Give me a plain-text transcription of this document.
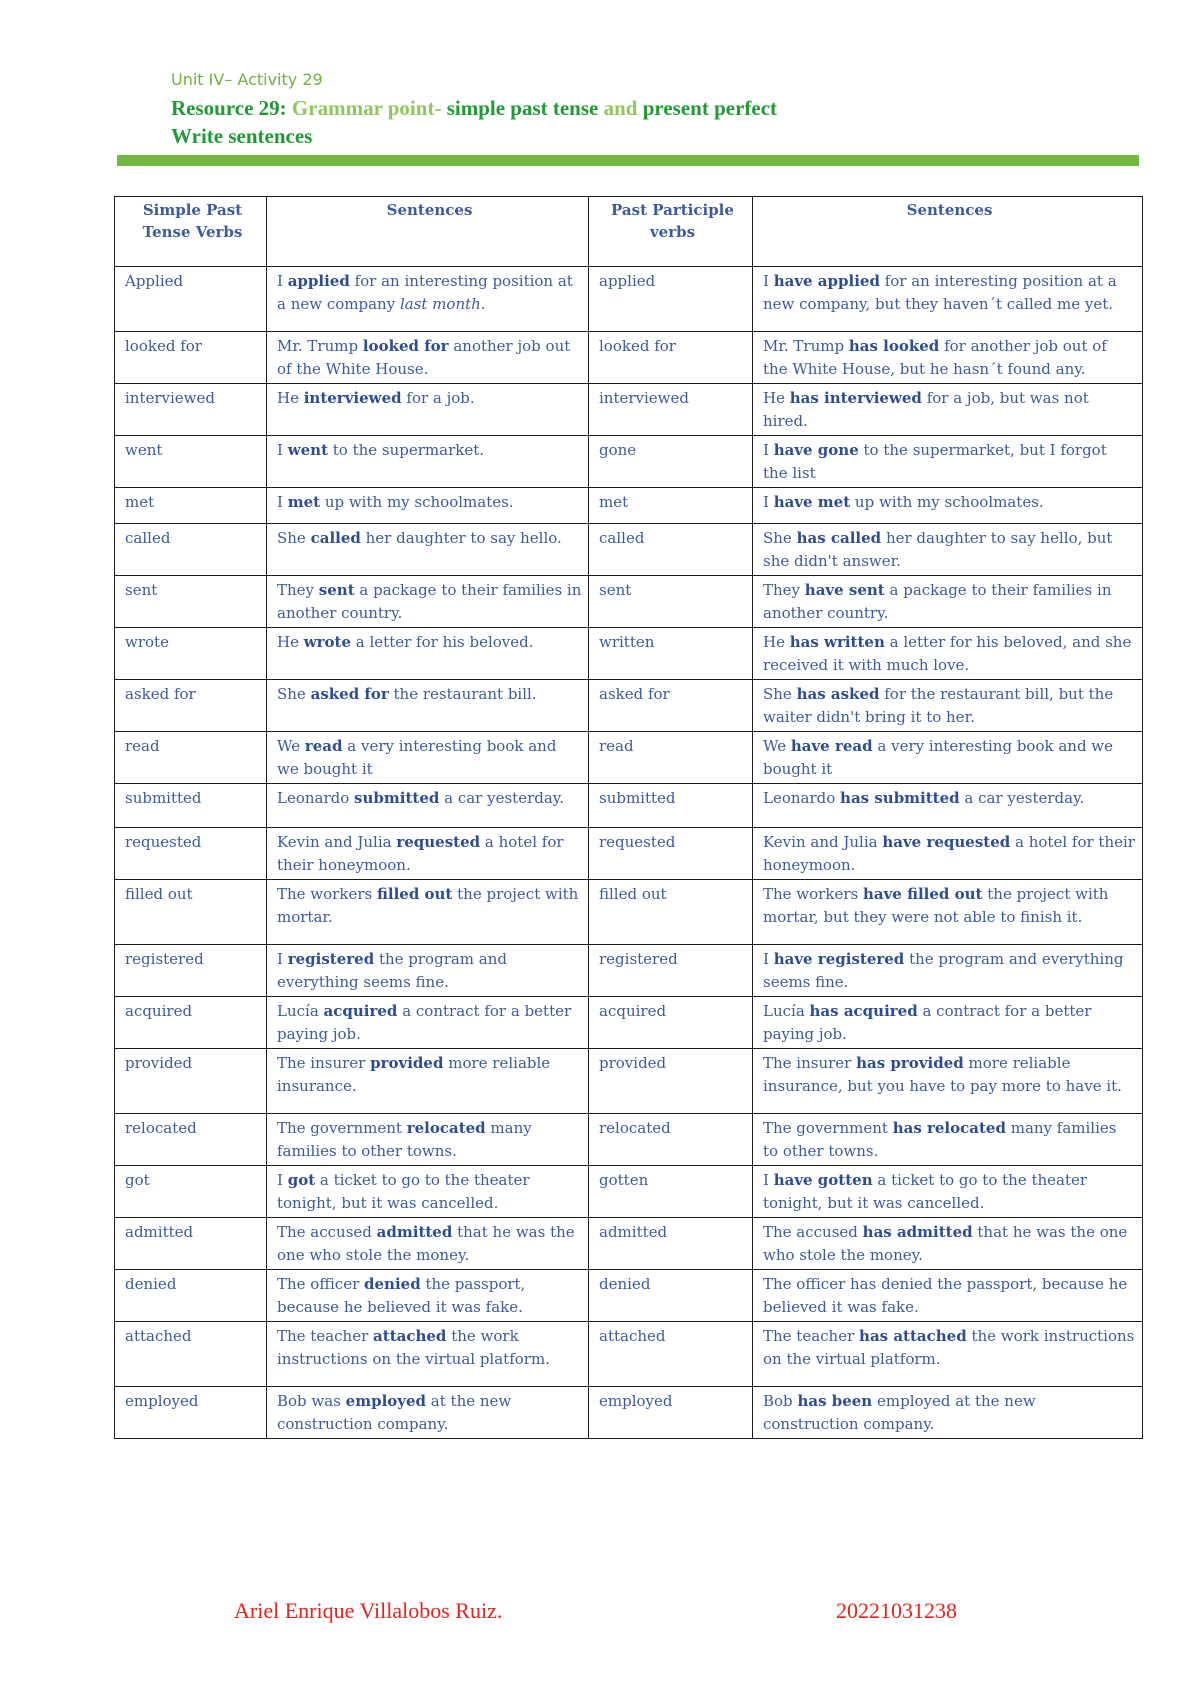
Unit IV– Activity 29
Resource 29: Grammar point- simple past tense and present perfect
Write sentences
Simple Past Tense Verbs	Sentences	Past Participle verbs	Sentences
Applied	I applied for an interesting position at a new company last month.	applied	I have applied for an interesting position at a new company, but they haven´t called me yet.
looked for	Mr. Trump looked for another job out of the White House.	looked for	Mr. Trump has looked for another job out of the White House, but he hasn´t found any.
interviewed	He interviewed for a job.	interviewed	He has interviewed for a job, but was not hired.
went	I went to the supermarket.	gone	I have gone to the supermarket, but I forgot the list
met	I met up with my schoolmates.	met	I have met up with my schoolmates.
called	She called her daughter to say hello.	called	She has called her daughter to say hello, but she didn't answer.
sent	They sent a package to their families in another country.	sent	They have sent a package to their families in another country.
wrote	He wrote a letter for his beloved.	written	He has written a letter for his beloved, and she received it with much love.
asked for	She asked for the restaurant bill.	asked for	She has asked for the restaurant bill, but the waiter didn't bring it to her.
read	We read a very interesting book and we bought it	read	We have read a very interesting book and we bought it
submitted	Leonardo submitted a car yesterday.	submitted	Leonardo has submitted a car yesterday.
requested	Kevin and Julia requested a hotel for their honeymoon.	requested	Kevin and Julia have requested a hotel for their honeymoon.
filled out	The workers filled out the project with mortar.	filled out	The workers have filled out the project with mortar, but they were not able to finish it.
registered	I registered the program and everything seems fine.	registered	I have registered the program and everything seems fine.
acquired	Lucía acquired a contract for a better paying job.	acquired	Lucía has acquired a contract for a better paying job.
provided	The insurer provided more reliable insurance.	provided	The insurer has provided more reliable insurance, but you have to pay more to have it.
relocated	The government relocated many families to other towns.	relocated	The government has relocated many families to other towns.
got	I got a ticket to go to the theater tonight, but it was cancelled.	gotten	I have gotten a ticket to go to the theater tonight, but it was cancelled.
admitted	The accused admitted that he was the one who stole the money.	admitted	The accused has admitted that he was the one who stole the money.
denied	The officer denied the passport, because he believed it was fake.	denied	The officer has denied the passport, because he believed it was fake.
attached	The teacher attached the work instructions on the virtual platform.	attached	The teacher has attached the work instructions on the virtual platform.
employed	Bob was employed at the new construction company.	employed	Bob has been employed at the new construction company.
Ariel Enrique Villalobos Ruiz.	20221031238
